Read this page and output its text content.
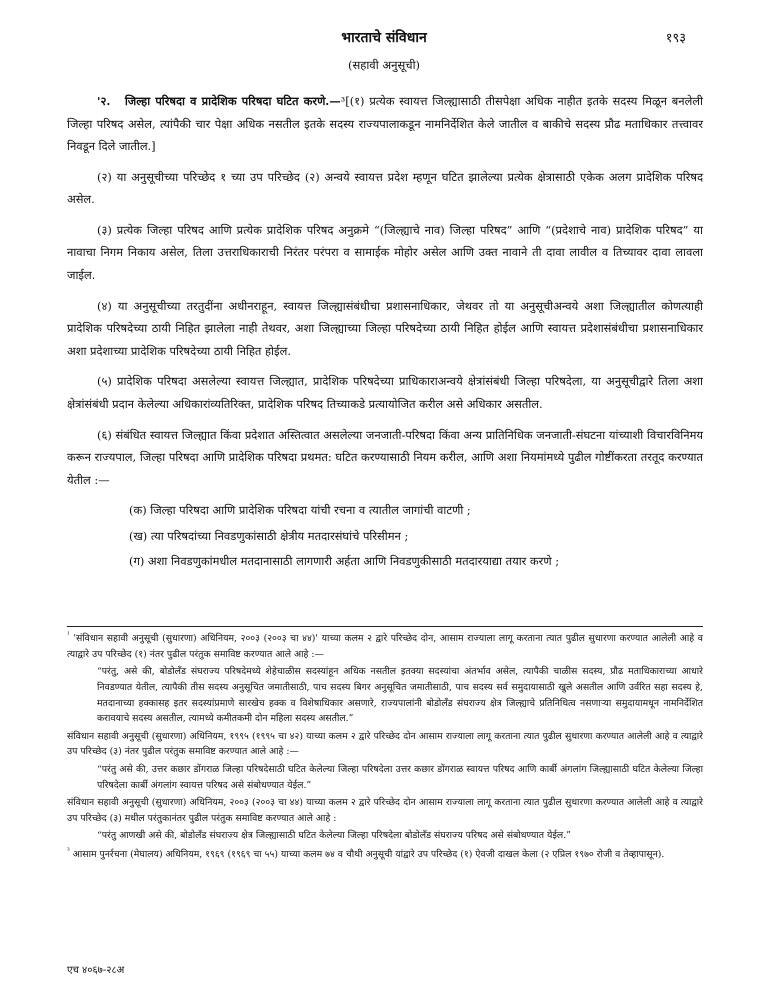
भारताचे संविधान	१९३
(सहावी अनुसूची)

'२. जिल्हा परिषदा व प्रादेशिक परिषदा घटित करणे.—³[(१) प्रत्येक स्वायत्त जिल्ह्यासाठी तीसपेक्षा अधिक नाहीत इतके सदस्य मिळून बनलेली जिल्हा परिषद असेल, त्यांपैकी चार पेक्षा अधिक नसतील इतके सदस्य राज्यपालाकडून नामनिर्देशित केले जातील व बाकीचे सदस्य प्रौढ मताधिकार तत्त्वावर निवडून दिले जातील.]

(२) या अनुसूचीच्या परिच्छेद १ च्या उप परिच्छेद (२) अन्वये स्वायत्त प्रदेश म्हणून घटित झालेल्या प्रत्येक क्षेत्रासाठी एकेक अलग प्रादेशिक परिषद असेल.

(३) प्रत्येक जिल्हा परिषद आणि प्रत्येक प्रादेशिक परिषद अनुक्रमे “(जिल्ह्याचे नाव) जिल्हा परिषद” आणि “(प्रदेशाचे नाव) प्रादेशिक परिषद” या नावाचा निगम निकाय असेल, तिला उत्तराधिकाराची निरंतर परंपरा व सामाईक मोहोर असेल आणि उक्त नावाने ती दावा लावील व तिच्यावर दावा लावला जाईल.

(४) या अनुसूचीच्या तरतुदींना अधीनराहून, स्वायत्त जिल्ह्यासंबंधीचा प्रशासनाधिकार, जेथवर तो या अनुसूचीअन्वये अशा जिल्ह्यातील कोणत्याही प्रादेशिक परिषदेच्या ठायी निहित झालेला नाही तेथवर, अशा जिल्ह्याच्या जिल्हा परिषदेच्या ठायी निहित होईल आणि स्वायत्त प्रदेशासंबंधीचा प्रशासनाधिकार अशा प्रदेशाच्या प्रादेशिक परिषदेच्या ठायी निहित होईल.

(५) प्रादेशिक परिषदा असलेल्या स्वायत्त जिल्ह्यात, प्रादेशिक परिषदेच्या प्राधिकाराअन्वये क्षेत्रांसंबंधी जिल्हा परिषदेला, या अनुसूचीद्वारे तिला अशा क्षेत्रांसंबंधी प्रदान केलेल्या अधिकारांव्यतिरिक्त, प्रादेशिक परिषद तिच्याकडे प्रत्यायोजित करील असे अधिकार असतील.

(६) संबंधित स्वायत्त जिल्ह्यात किंवा प्रदेशात अस्तित्वात असलेल्या जनजाती-परिषदा किंवा अन्य प्रातिनिधिक जनजाती-संघटना यांच्याशी विचारविनिमय करून राज्यपाल, जिल्हा परिषदा आणि प्रादेशिक परिषदा प्रथमत: घटित करण्यासाठी नियम करील, आणि अशा नियमांमध्ये पुढील गोष्टींकरता तरतूद करण्यात येतील :—

(क) जिल्हा परिषदा आणि प्रादेशिक परिषदा यांची रचना व त्यातील जागांची वाटणी ;

(ख) त्या परिषदांच्या निवडणुकांसाठी क्षेत्रीय मतदारसंघांचे परिसीमन ;

(ग) अशा निवडणुकांमधील मतदानासाठी लागणारी अर्हता आणि निवडणुकीसाठी मतदारयाद्या तयार करणे ;

$^{^1}$ 'संविधान सहावी अनुसूची (सुधारणा) अधिनियम, २००३ (२००३ चा ४४)' याच्या कलम २ द्वारे परिच्छेद दोन, आसाम राज्याला लागू करताना त्यात पुढील सुधारणा करण्यात आलेली आहे व त्याद्वारे उप परिच्छेद (१) नंतर पुढील परंतुक समाविष्ट करण्यात आले आहे :—

“परंतु, असे की, बोडोलँड संघराज्य परिषदेमध्ये शेहेचाळीस सदस्यांहून अधिक नसतील इतक्या सदस्यांचा अंतर्भाव असेल, त्यापैकी चाळीस सदस्य, प्रौढ मताधिकाराच्या आधारे निवडण्यात येतील, त्यापैकी तीस सदस्य अनुसूचित जमातीसाठी, पाच सदस्य बिगर अनुसूचित जमातीसाठी, पाच सदस्य सर्व समुदायासाठी खुले असतील आणि उर्वरित सहा सदस्य हे, मतदानाच्या हक्कासह इतर सदस्यांप्रमाणे सारखेच हक्क व विशेषाधिकार असणारे, राज्यपालांनी बोडोलँड संघराज्य क्षेत्र जिल्ह्याचे प्रतिनिधित्व नसणाऱ्या समुदायामधून नामनिर्देशित करावयाचे सदस्य असतील, त्यामध्ये कमीतकमी दोन महिला सदस्य असतील.”

संविधान सहावी अनुसूची (सुधारणा) अधिनियम, १९९५ (१९९५ चा ४२) याच्या कलम २ द्वारे परिच्छेद दोन आसाम राज्याला लागू करताना त्यात पुढील सुधारणा करण्यात आलेली आहे व त्याद्वारे उप परिच्छेद (३) नंतर पुढील परंतुक समाविष्ट करण्यात आले आहे :—

“परंतु असे की, उत्तर कछार डोंगराळ जिल्हा परिषदेसाठी घटित केलेल्या जिल्हा परिषदेला उत्तर कछार डोंगराळ स्वायत्त परिषद आणि कार्बी अंगलांग जिल्ह्यासाठी घटित केलेल्या जिल्हा परिषदेला कार्बी अंगलांग स्वायत्त परिषद असे संबोधण्यात येईल.”

संविधान सहावी अनुसूची (सुधारणा) अधिनियम, २००३ (२००३ चा ४४) याच्या कलम २ द्वारे परिच्छेद दोन आसाम राज्याला लागू करताना त्यात पुढील सुधारणा करण्यात आलेली आहे व त्याद्वारे उप परिच्छेद (३) मधील परंतुकानंतर पुढील परंतुक समाविष्ट करण्यात आले आहे :

“परंतु आणखी असे की, बोडोलँड संघराज्य क्षेत्र जिल्ह्यासाठी घटित केलेल्या जिल्हा परिषदेला बोडोलँड संघराज्य परिषद असे संबोधण्यात येईल.”

$^{^3}$ आसाम पुनर्रचना (मेघालय) अधिनियम, १९६९ (१९६९ चा ५५) याच्या कलम ७४ व चौथी अनुसूची यांद्वारे उप परिच्छेद (१) ऐवजी दाखल केला (२ एप्रिल १९७० रोजी व तेव्हापासून).

एच ४०६७-२८अ
